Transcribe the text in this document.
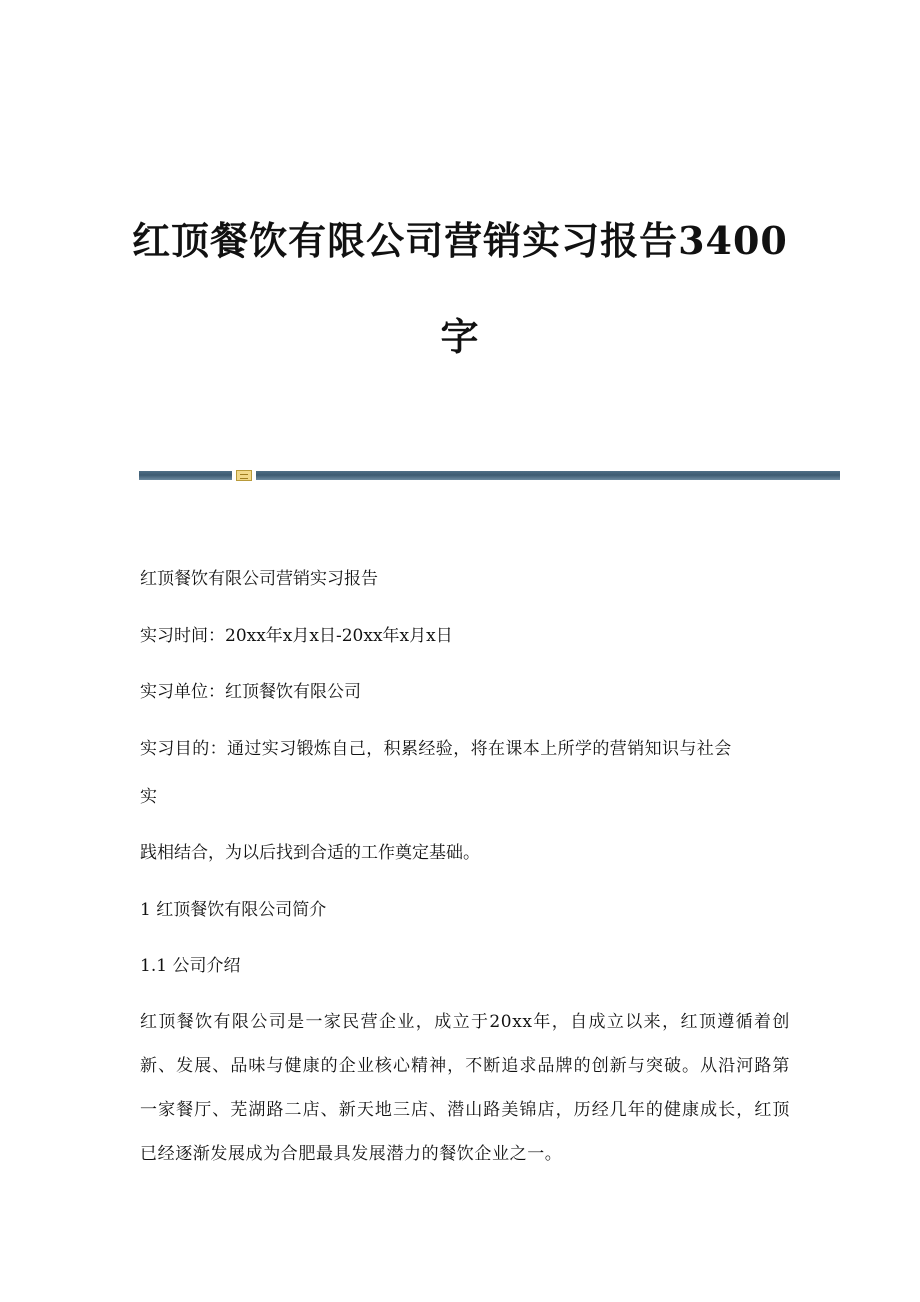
红顶餐饮有限公司营销实习报告3400
字
红顶餐饮有限公司营销实习报告
实习时间：20xx年x月x日-20xx年x月x日
实习单位：红顶餐饮有限公司
实习目的：通过实习锻炼自己，积累经验，将在课本上所学的营销知识与社会
实
践相结合，为以后找到合适的工作奠定基础。
1 红顶餐饮有限公司简介
1.1 公司介绍
红顶餐饮有限公司是一家民营企业，成立于20xx年，自成立以来，红顶遵循着创新、发展、品味与健康的企业核心精神，不断追求品牌的创新与突破。从沿河路第一家餐厅、芜湖路二店、新天地三店、潜山路美锦店，历经几年的健康成长，红顶已经逐渐发展成为合肥最具发展潜力的餐饮企业之一。
